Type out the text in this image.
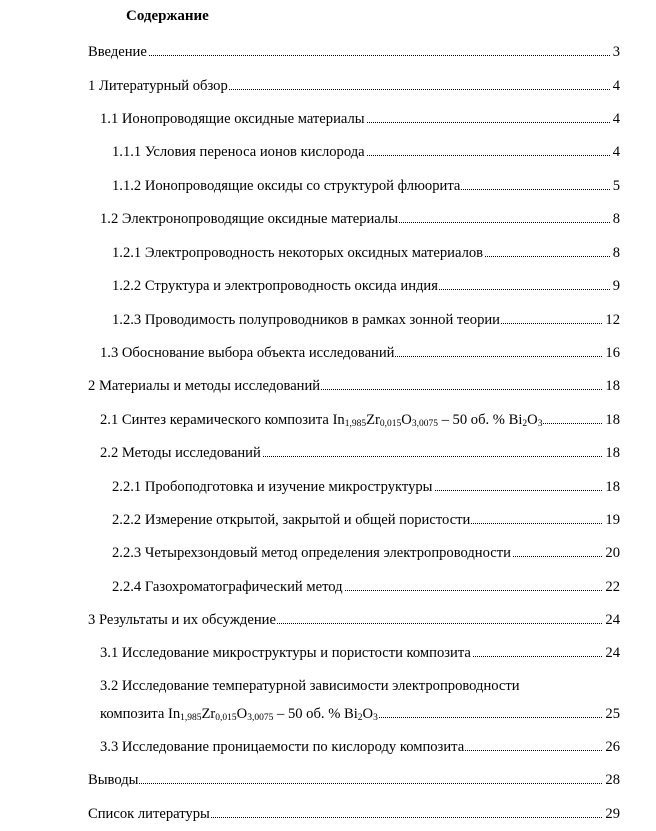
Содержание
Введение	3
1 Литературный обзор	4
1.1 Ионопроводящие оксидные материалы	4
1.1.1 Условия переноса ионов кислорода	4
1.1.2 Ионопроводящие оксиды со структурой флюорита	5
1.2 Электронопроводящие оксидные материалы	8
1.2.1 Электропроводность некоторых оксидных материалов	8
1.2.2 Структура и электропроводность оксида индия	9
1.2.3 Проводимость полупроводников в рамках зонной теории	12
1.3 Обоснование выбора объекта исследований	16
2 Материалы и методы исследований	18
2.1 Синтез керамического композита $In_{1,985}Zr_{0,015}O_{3,0075} - 50$ об. % $Bi_2O_3$	18
2.2 Методы исследований	18
2.2.1 Пробоподготовка и изучение микроструктуры	18
2.2.2 Измерение открытой, закрытой и общей пористости	19
2.2.3 Четырехзондовый метод определения электропроводности	20
2.2.4 Газохроматографический метод	22
3 Результаты и их обсуждение	24
3.1 Исследование микроструктуры и пористости композита	24
3.2 Исследование температурной зависимости электропроводности
композита $In_{1,985}Zr_{0,015}O_{3,0075} - 50$ об. % $Bi_2O_3$	25
3.3 Исследование проницаемости по кислороду композита	26
Выводы	28
Список литературы	29
